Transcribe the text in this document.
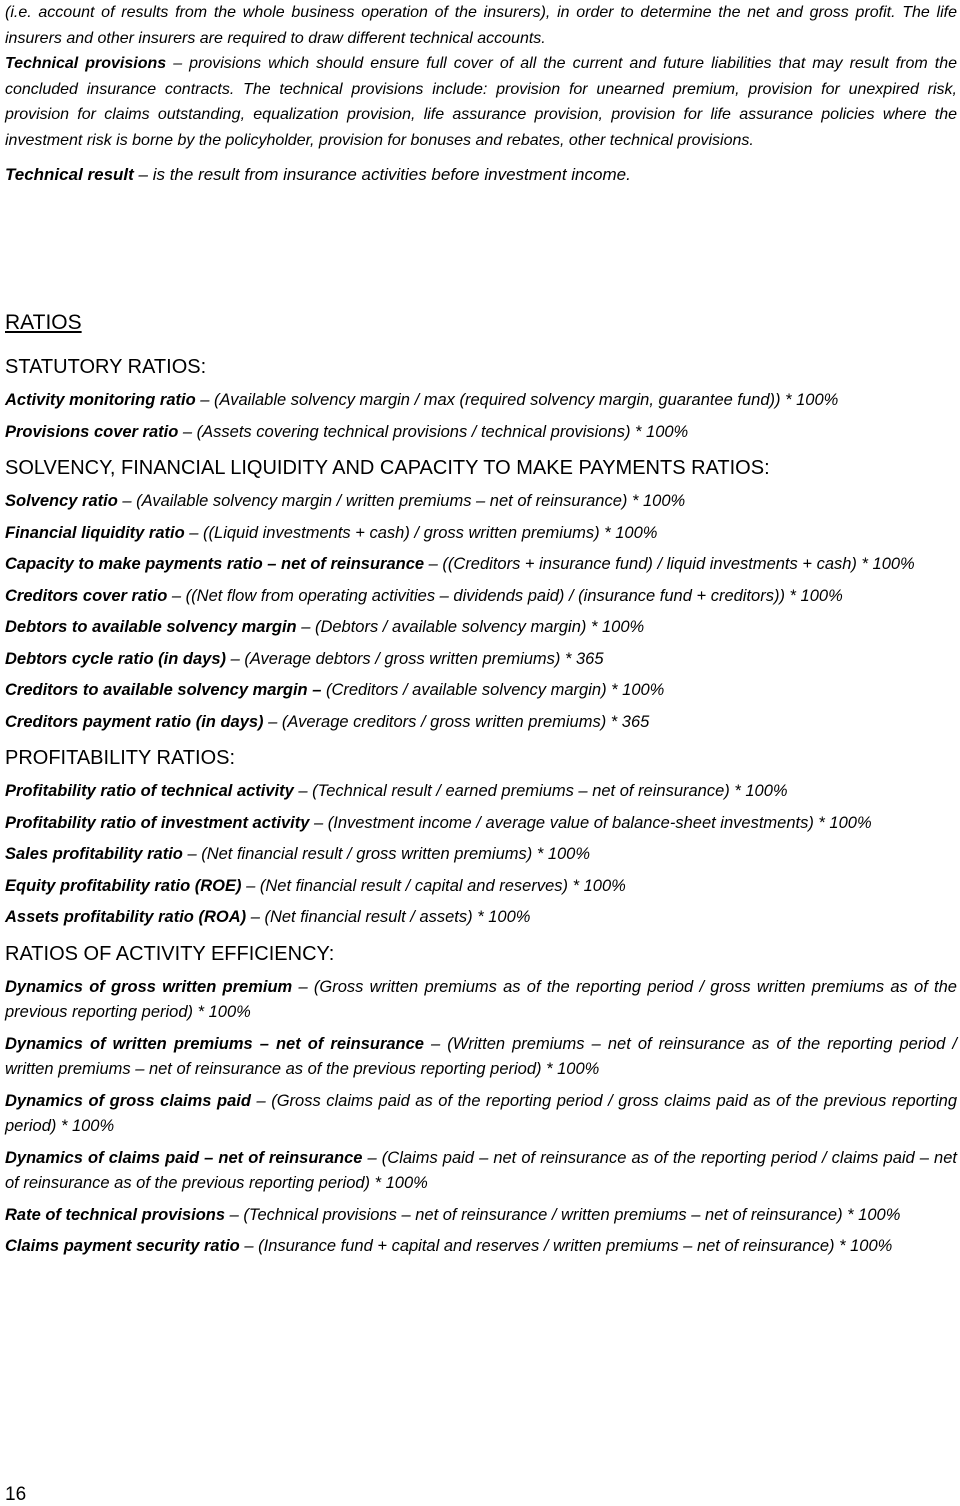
(i.e. account of results from the whole business operation of the insurers), in order to determine the net and gross profit. The life insurers and other insurers are required to draw different technical accounts.

Technical provisions – provisions which should ensure full cover of all the current and future liabilities that may result from the concluded insurance contracts. The technical provisions include: provision for unearned premium, provision for unexpired risk, provision for claims outstanding, equalization provision, life assurance provision, provision for life assurance policies where the investment risk is borne by the policyholder, provision for bonuses and rebates, other technical provisions.

Technical result – is the result from insurance activities before investment income.

RATIOS
STATUTORY RATIOS:

Activity monitoring ratio – (Available solvency margin / max (required solvency margin, guarantee fund)) * 100%

Provisions cover ratio – (Assets covering technical provisions / technical provisions) * 100%

SOLVENCY, FINANCIAL LIQUIDITY AND CAPACITY TO MAKE PAYMENTS RATIOS:

Solvency ratio – (Available solvency margin / written premiums – net of reinsurance) * 100%

Financial liquidity ratio – ((Liquid investments + cash) / gross written premiums) * 100%

Capacity to make payments ratio – net of reinsurance – ((Creditors + insurance fund) / liquid investments + cash) * 100%

Creditors cover ratio – ((Net flow from operating activities – dividends paid) / (insurance fund + creditors)) * 100%

Debtors to available solvency margin – (Debtors / available solvency margin) * 100%

Debtors cycle ratio (in days) – (Average debtors / gross written premiums) * 365

Creditors to available solvency margin – (Creditors / available solvency margin) * 100%

Creditors payment ratio (in days) – (Average creditors / gross written premiums) * 365

PROFITABILITY RATIOS:

Profitability ratio of technical activity – (Technical result / earned premiums – net of reinsurance) * 100%

Profitability ratio of investment activity – (Investment income / average value of balance-sheet investments) * 100%

Sales profitability ratio – (Net financial result / gross written premiums) * 100%

Equity profitability ratio (ROE) – (Net financial result / capital and reserves) * 100%

Assets profitability ratio (ROA) – (Net financial result / assets) * 100%

RATIOS OF ACTIVITY EFFICIENCY:

Dynamics of gross written premium – (Gross written premiums as of the reporting period / gross written premiums as of the previous reporting period) * 100%

Dynamics of written premiums – net of reinsurance – (Written premiums – net of reinsurance as of the reporting period / written premiums – net of reinsurance as of the previous reporting period) * 100%

Dynamics of gross claims paid – (Gross claims paid as of the reporting period / gross claims paid as of the previous reporting period) * 100%

Dynamics of claims paid – net of reinsurance – (Claims paid – net of reinsurance as of the reporting period / claims paid – net of reinsurance as of the previous reporting period) * 100%

Rate of technical provisions – (Technical provisions – net of reinsurance / written premiums – net of reinsurance) * 100%

Claims payment security ratio – (Insurance fund + capital and reserves / written premiums – net of reinsurance) * 100%

16
